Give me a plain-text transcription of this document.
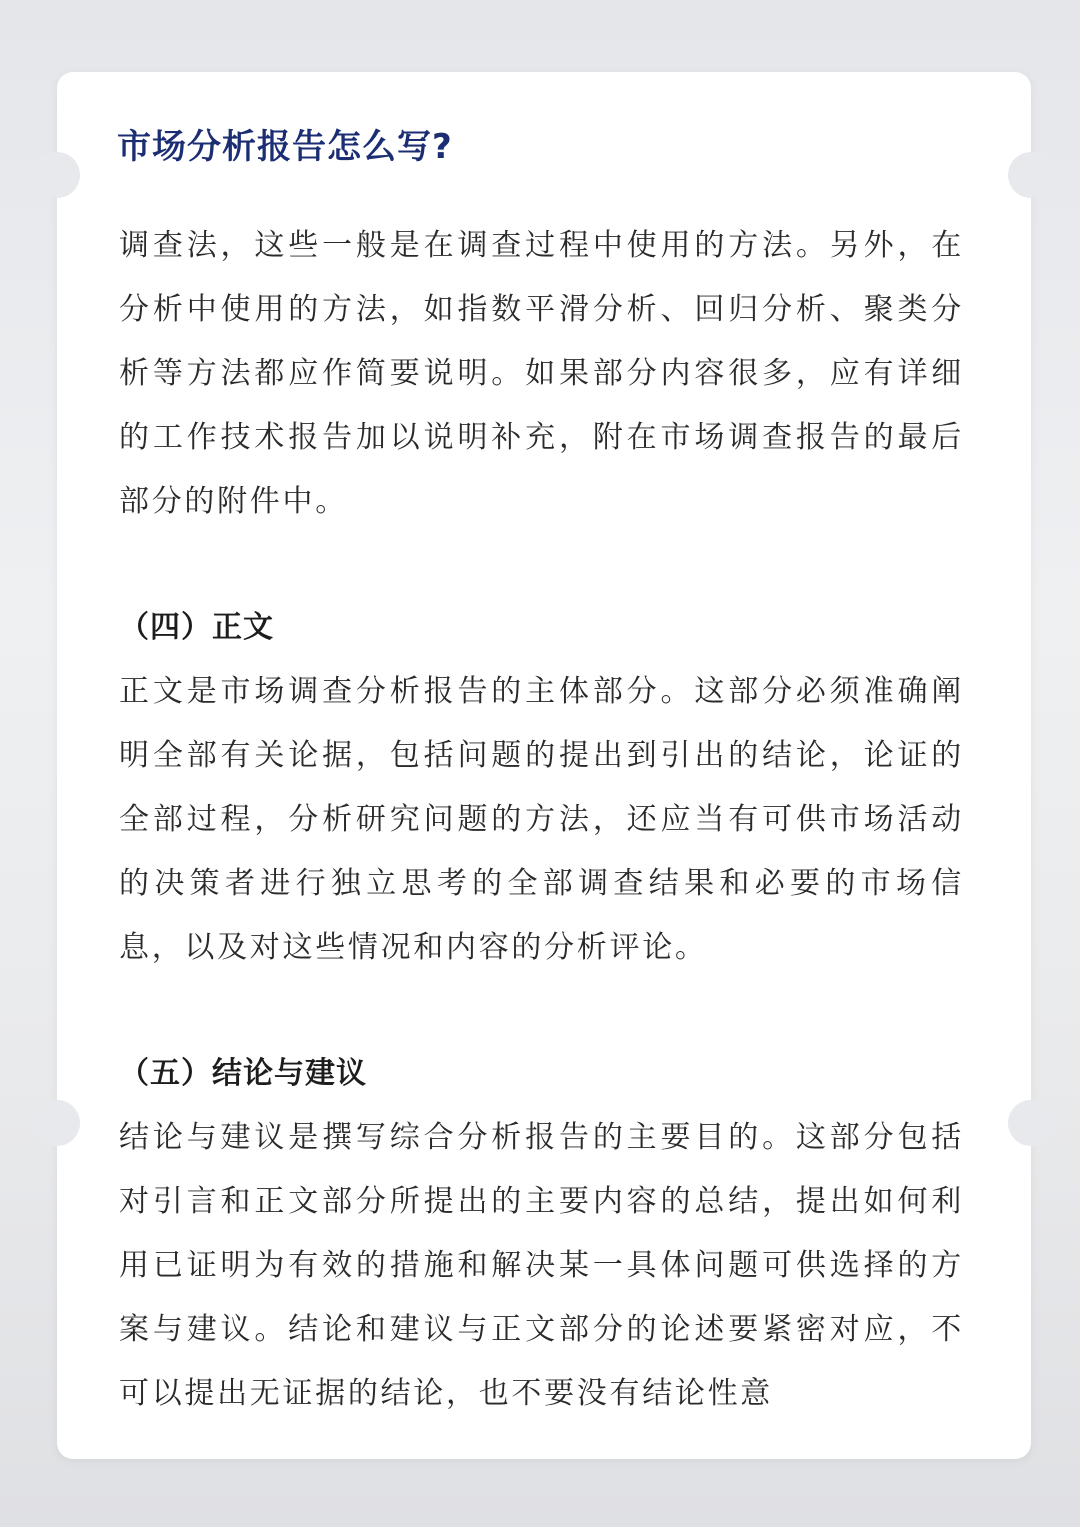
市场分析报告怎么写?

调查法，这些一般是在调查过程中使用的方法。另外，在分析中使用的方法，如指数平滑分析、回归分析、聚类分析等方法都应作简要说明。如果部分内容很多，应有详细的工作技术报告加以说明补充，附在市场调查报告的最后部分的附件中。

（四）正文

正文是市场调查分析报告的主体部分。这部分必须准确阐明全部有关论据，包括问题的提出到引出的结论，论证的全部过程，分析研究问题的方法，还应当有可供市场活动的决策者进行独立思考的全部调查结果和必要的市场信息，以及对这些情况和内容的分析评论。

（五）结论与建议

结论与建议是撰写综合分析报告的主要目的。这部分包括对引言和正文部分所提出的主要内容的总结，提出如何利用已证明为有效的措施和解决某一具体问题可供选择的方案与建议。结论和建议与正文部分的论述要紧密对应，不可以提出无证据的结论，也不要没有结论性意
